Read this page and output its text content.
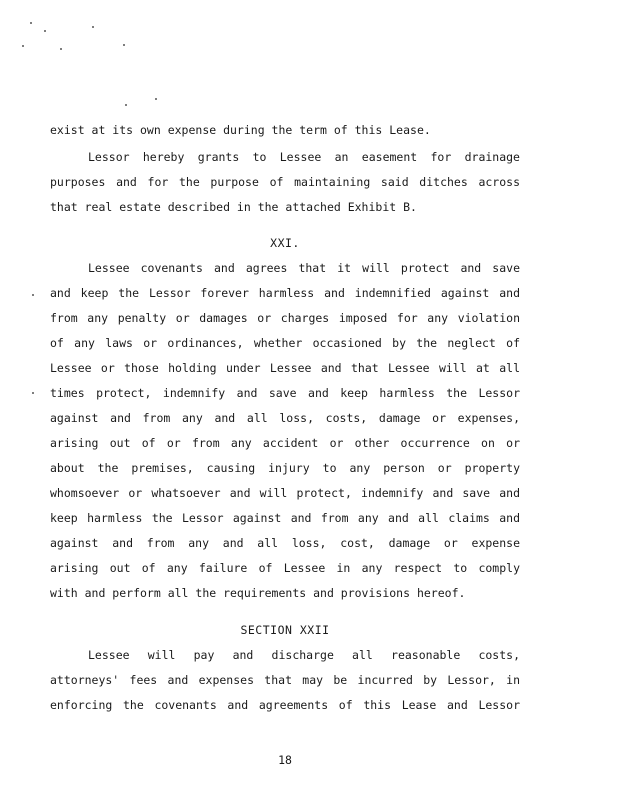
exist at its own expense during the term of this Lease.
Lessor hereby grants to Lessee an easement for drainage
purposes and for the purpose of maintaining said ditches across
that real estate described in the attached Exhibit B.
XXI.
Lessee covenants and agrees that it will protect and save
and keep the Lessor forever harmless and indemnified against and
from any penalty or damages or charges imposed for any violation
of any laws or ordinances, whether occasioned by the neglect of
Lessee or those holding under Lessee and that Lessee will at all
times protect, indemnify and save and keep harmless the Lessor
against and from any and all loss, costs, damage or expenses,
arising out of or from any accident or other occurrence on or
about the premises, causing injury to any person or property
whomsoever or whatsoever and will protect, indemnify and save and
keep harmless the Lessor against and from any and all claims and
against and from any and all loss, cost, damage or expense
arising out of any failure of Lessee in any respect to comply
with and perform all the requirements and provisions hereof.
SECTION XXII
Lessee will pay and discharge all reasonable costs,
attorneys' fees and expenses that may be incurred by Lessor, in
enforcing the covenants and agreements of this Lease and Lessor
18
